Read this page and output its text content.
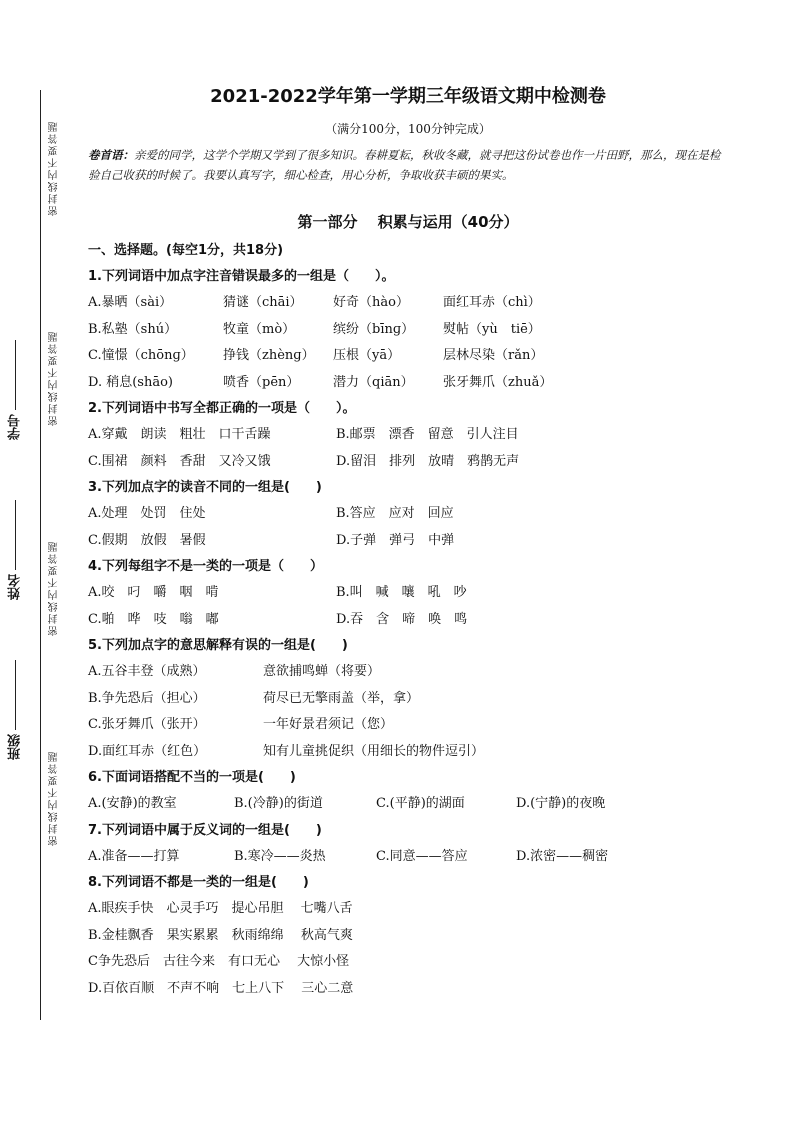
密封线内不要答题
密封线内不要答题
密封线内不要答题
密封线内不要答题
学号
姓名
班级
2021-2022学年第一学期三年级语文期中检测卷
（满分100分，100分钟完成）
卷首语：亲爱的同学，这学个学期又学到了很多知识。春耕夏耘，秋收冬藏，就寻把这份试卷也作一片田野，那么，现在是检验自己收获的时候了。我要认真写字，细心检查，用心分析，争取收获丰硕的果实。
第一部分　 积累与运用（40分）
一、选择题。(每空1分，共18分)
1.下列词语中加点字注音错误最多的一组是（　　）。
A.暴晒（sài）	猜谜（chāi）	好奇（hào）	面红耳赤（chì）
B.私塾（shú）	牧童（mò）	缤纷（bīnɡ）	熨帖（yù　tiē）
C.憧憬（chōnɡ）	挣钱（zhènɡ）	压根（yā）	层林尽染（rǎn）
D. 稍息(shāo)	喷香（pēn）	潜力（qiān）	张牙舞爪（zhuǎ）
2.下列词语中书写全都正确的一项是（　　）。
A.穿戴　朗读　粗壮　口干舌躁	B.邮票　漂香　留意　引人注目
C.围裙　颜料　香甜　又冷又饿	D.留泪　排列　放晴　鸦鹊无声
3.下列加点字的读音不同的一组是(　　)
A.处理　处罚　住处	B.答应　应对　回应
C.假期　放假　暑假	D.子弹　弹弓　中弹
4.下列每组字不是一类的一项是（　　）
A.咬　叼　嚼　咽　啃	B.叫　喊　嚷　吼　吵
C.啪　哗　吱　嗡　嘟	D.吞　含　啼　唤　鸣
5.下列加点字的意思解释有误的一组是(　　)
A.五谷丰登（成熟）	意欲捕鸣蝉（将要）
B.争先恐后（担心）	荷尽已无擎雨盖（举，拿）
C.张牙舞爪（张开）	一年好景君须记（您）
D.面红耳赤（红色）	知有儿童挑促织（用细长的物件逗引）
6.下面词语搭配不当的一项是(　　)
A.(安静)的教室	B.(冷静)的街道	C.(平静)的湖面	D.(宁静)的夜晚
7.下列词语中属于反义词的一组是(　　)
A.准备——打算	B.寒冷——炎热	C.同意——答应	D.浓密——稠密
8.下列词语不都是一类的一组是(　　)
A.眼疾手快　心灵手巧　提心吊胆　 七嘴八舌
B.金桂飘香　果实累累　秋雨绵绵　 秋高气爽
C争先恐后　古往今来　有口无心　 大惊小怪
D.百依百顺　不声不响　七上八下　 三心二意
